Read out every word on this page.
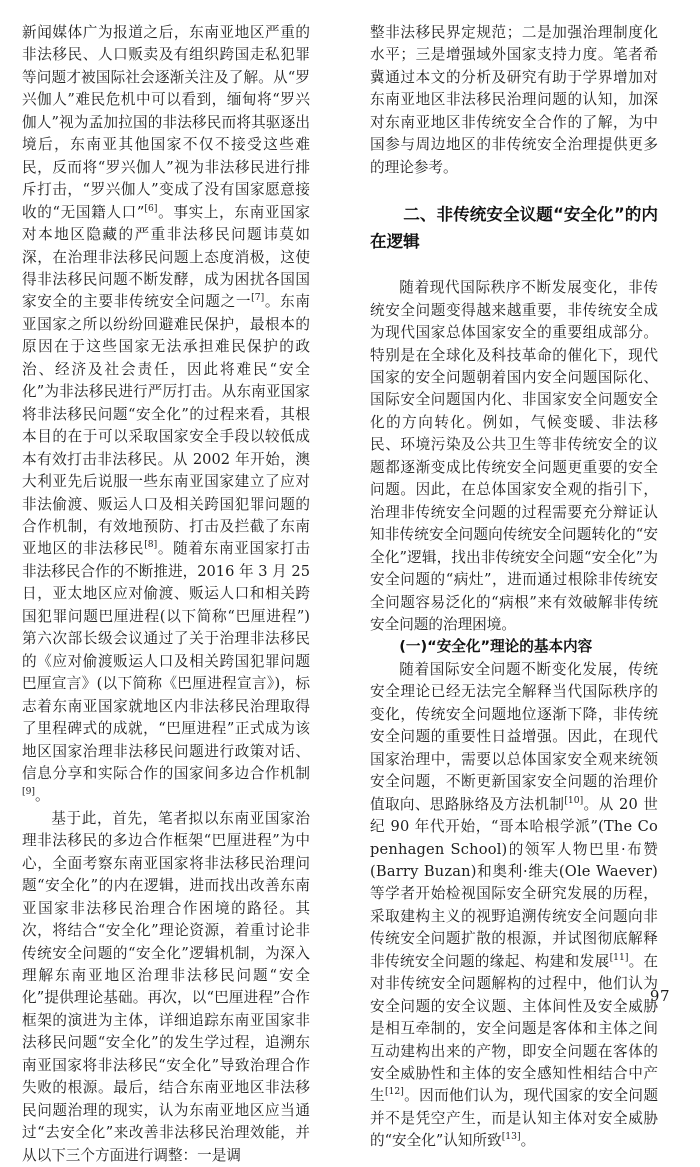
新闻媒体广为报道之后，东南亚地区严重的非法移民、人口贩卖及有组织跨国走私犯罪等问题才被国际社会逐渐关注及了解。从“罗兴伽人”难民危机中可以看到，缅甸将“罗兴伽人”视为孟加拉国的非法移民而将其驱逐出境后，东南亚其他国家不仅不接受这些难民，反而将“罗兴伽人”视为非法移民进行排斥打击，“罗兴伽人”变成了没有国家愿意接收的“无国籍人口”[6]。事实上，东南亚国家对本地区隐藏的严重非法移民问题讳莫如深，在治理非法移民问题上态度消极，这使得非法移民问题不断发酵，成为困扰各国国家安全的主要非传统安全问题之一[7]。东南亚国家之所以纷纷回避难民保护，最根本的原因在于这些国家无法承担难民保护的政治、经济及社会责任，因此将难民“安全化”为非法移民进行严厉打击。从东南亚国家将非法移民问题“安全化”的过程来看，其根本目的在于可以采取国家安全手段以较低成本有效打击非法移民。从 2002 年开始，澳大利亚先后说服一些东南亚国家建立了应对非法偷渡、贩运人口及相关跨国犯罪问题的合作机制，有效地预防、打击及拦截了东南亚地区的非法移民[8]。随着东南亚国家打击非法移民合作的不断推进，2016 年 3 月 25 日，亚太地区应对偷渡、贩运人口和相关跨国犯罪问题巴厘进程(以下简称“巴厘进程”)第六次部长级会议通过了关于治理非法移民的《应对偷渡贩运人口及相关跨国犯罪问题巴厘宣言》(以下简称《巴厘进程宣言》)，标志着东南亚国家就地区内非法移民治理取得了里程碑式的成就，“巴厘进程”正式成为该地区国家治理非法移民问题进行政策对话、信息分享和实际合作的国家间多边合作机制[9]。

基于此，首先，笔者拟以东南亚国家治理非法移民的多边合作框架“巴厘进程”为中心，全面考察东南亚国家将非法移民治理问题“安全化”的内在逻辑，进而找出改善东南亚国家非法移民治理合作困境的路径。其次，将结合“安全化”理论资源，着重讨论非传统安全问题的“安全化”逻辑机制，为深入理解东南亚地区治理非法移民问题“安全化”提供理论基础。再次，以“巴厘进程”合作框架的演进为主体，详细追踪东南亚国家非法移民问题“安全化”的发生学过程，追溯东南亚国家将非法移民“安全化”导致治理合作失败的根源。最后，结合东南亚地区非法移民问题治理的现实，认为东南亚地区应当通过“去安全化”来改善非法移民治理效能，并从以下三个方面进行调整：一是调

整非法移民界定规范；二是加强治理制度化水平；三是增强域外国家支持力度。笔者希冀通过本文的分析及研究有助于学界增加对东南亚地区非法移民治理问题的认知，加深对东南亚地区非传统安全合作的了解，为中国参与周边地区的非传统安全治理提供更多的理论参考。

二、非传统安全议题“安全化”的内在逻辑

随着现代国际秩序不断发展变化，非传统安全问题变得越来越重要，非传统安全成为现代国家总体国家安全的重要组成部分。特别是在全球化及科技革命的催化下，现代国家的安全问题朝着国内安全问题国际化、国际安全问题国内化、非国家安全问题安全化的方向转化。例如，气候变暖、非法移民、环境污染及公共卫生等非传统安全的议题都逐渐变成比传统安全问题更重要的安全问题。因此，在总体国家安全观的指引下，治理非传统安全问题的过程需要充分辩证认知非传统安全问题向传统安全问题转化的“安全化”逻辑，找出非传统安全问题“安全化”为安全问题的“病灶”，进而通过根除非传统安全问题容易泛化的“病根”来有效破解非传统安全问题的治理困境。

(一)“安全化”理论的基本内容

随着国际安全问题不断变化发展，传统安全理论已经无法完全解释当代国际秩序的变化，传统安全问题地位逐渐下降，非传统安全问题的重要性日益增强。因此，在现代国家治理中，需要以总体国家安全观来统领安全问题，不断更新国家安全问题的治理价值取向、思路脉络及方法机制[10]。从 20 世纪 90 年代开始，“哥本哈根学派”(The Copenhagen School)的领军人物巴里·布赞(Barry Buzan)和奥利·维夫(Ole Waever)等学者开始检视国际安全研究发展的历程，采取建构主义的视野追溯传统安全问题向非传统安全问题扩散的根源，并试图彻底解释非传统安全问题的缘起、构建和发展[11]。在对非传统安全问题解构的过程中，他们认为安全问题的安全议题、主体间性及安全威胁是相互牵制的，安全问题是客体和主体之间互动建构出来的产物，即安全问题在客体的安全威胁性和主体的安全感知性相结合中产生[12]。因而他们认为，现代国家的安全问题并不是凭空产生，而是认知主体对安全威胁的“安全化”认知所致[13]。

97
